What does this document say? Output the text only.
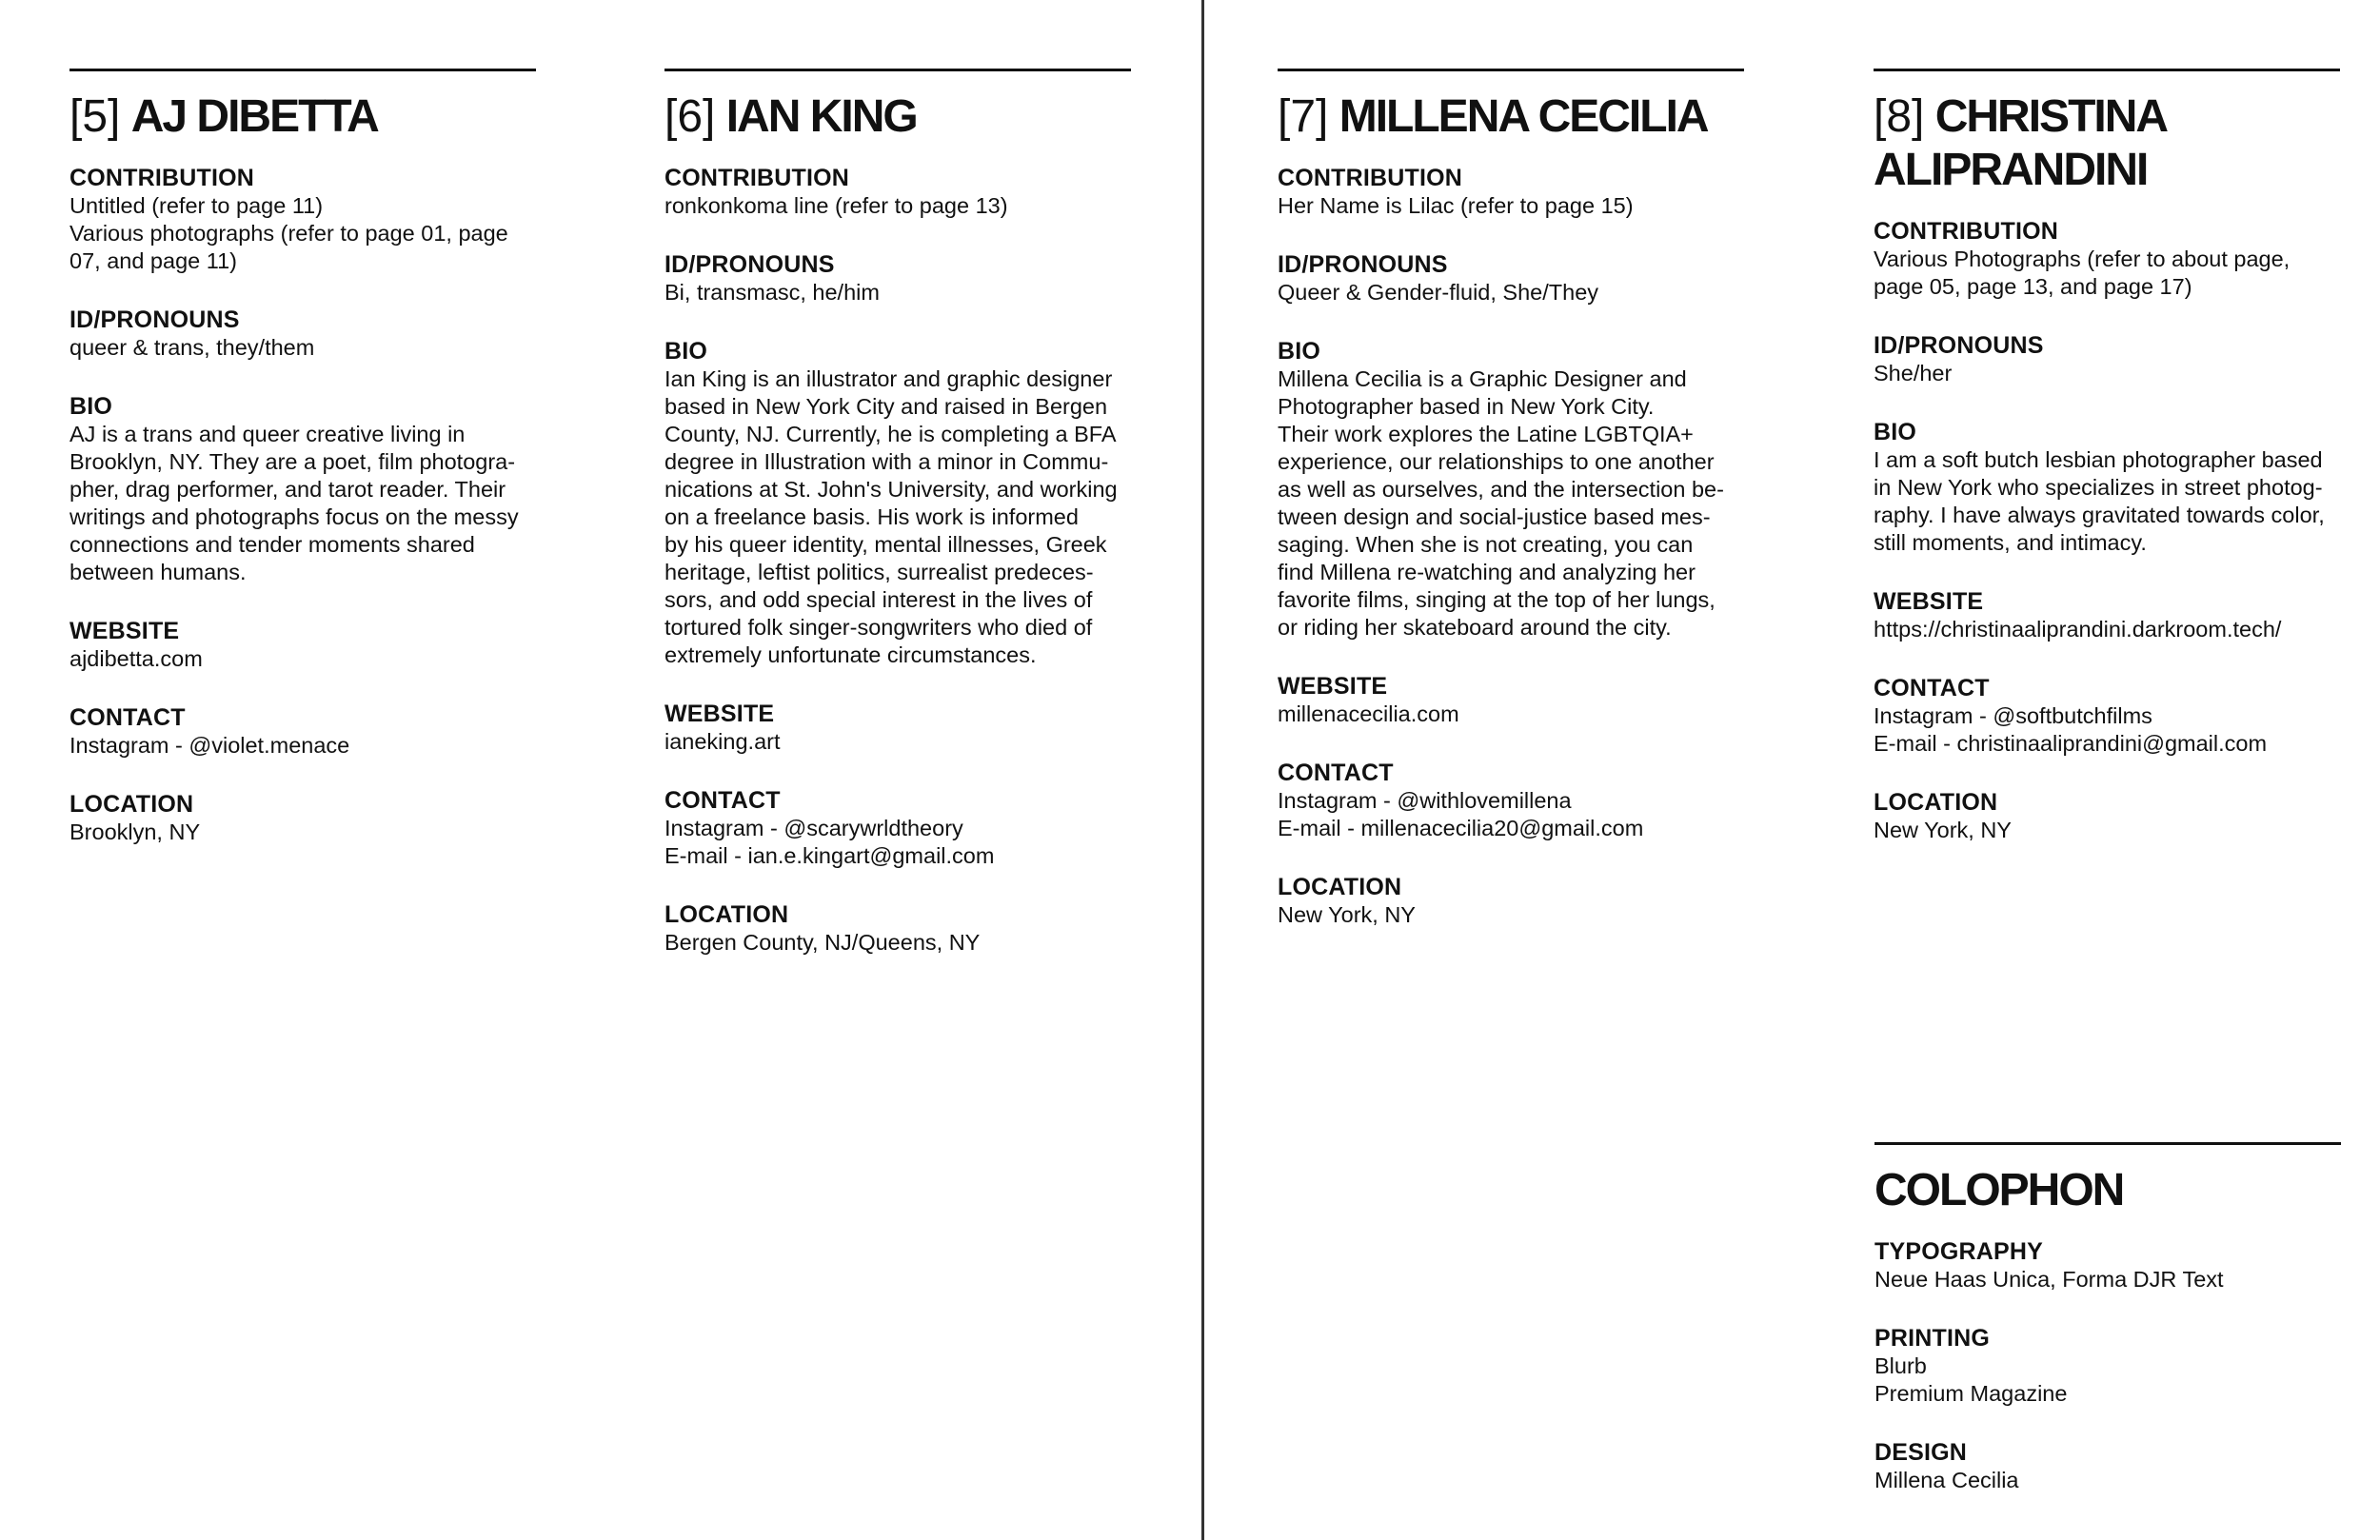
[5] AJ DIBETTA
CONTRIBUTION
Untitled (refer to page 11)
Various photographs (refer to page 01, page
07, and page 11)
ID/PRONOUNS
queer & trans, they/them
BIO
AJ is a trans and queer creative living in
Brooklyn, NY. They are a poet, film photogra-
pher, drag performer, and tarot reader. Their
writings and photographs focus on the messy
connections and tender moments shared
between humans.
WEBSITE
ajdibetta.com
CONTACT
Instagram - @violet.menace
LOCATION
Brooklyn, NY
[6] IAN KING
CONTRIBUTION
ronkonkoma line (refer to page 13)
ID/PRONOUNS
Bi, transmasc, he/him
BIO
Ian King is an illustrator and graphic designer
based in New York City and raised in Bergen
County, NJ. Currently, he is completing a BFA
degree in Illustration with a minor in Commu-
nications at St. John's University, and working
on a freelance basis. His work is informed
by his queer identity, mental illnesses, Greek
heritage, leftist politics, surrealist predeces-
sors, and odd special interest in the lives of
tortured folk singer-songwriters who died of
extremely unfortunate circumstances.
WEBSITE
ianeking.art
CONTACT
Instagram - @scarywrldtheory
E-mail - ian.e.kingart@gmail.com
LOCATION
Bergen County, NJ/Queens, NY
[7] MILLENA CECILIA
CONTRIBUTION
Her Name is Lilac (refer to page 15)
ID/PRONOUNS
Queer & Gender-fluid, She/They
BIO
Millena Cecilia is a Graphic Designer and
Photographer based in New York City.
Their work explores the Latine LGBTQIA+
experience, our relationships to one another
as well as ourselves, and the intersection be-
tween design and social-justice based mes-
saging. When she is not creating, you can
find Millena re-watching and analyzing her
favorite films, singing at the top of her lungs,
or riding her skateboard around the city.
WEBSITE
millenacecilia.com
CONTACT
Instagram - @withlovemillena
E-mail - millenacecilia20@gmail.com
LOCATION
New York, NY
[8] CHRISTINA ALIPRANDINI
CONTRIBUTION
Various Photographs (refer to about page,
page 05, page 13, and page 17)
ID/PRONOUNS
She/her
BIO
I am a soft butch lesbian photographer based
in New York who specializes in street photog-
raphy. I have always gravitated towards color,
still moments, and intimacy.
WEBSITE
https://christinaaliprandini.darkroom.tech/
CONTACT
Instagram - @softbutchfilms
E-mail - christinaaliprandini@gmail.com
LOCATION
New York, NY
COLOPHON
TYPOGRAPHY
Neue Haas Unica, Forma DJR Text
PRINTING
Blurb
Premium Magazine
DESIGN
Millena Cecilia
